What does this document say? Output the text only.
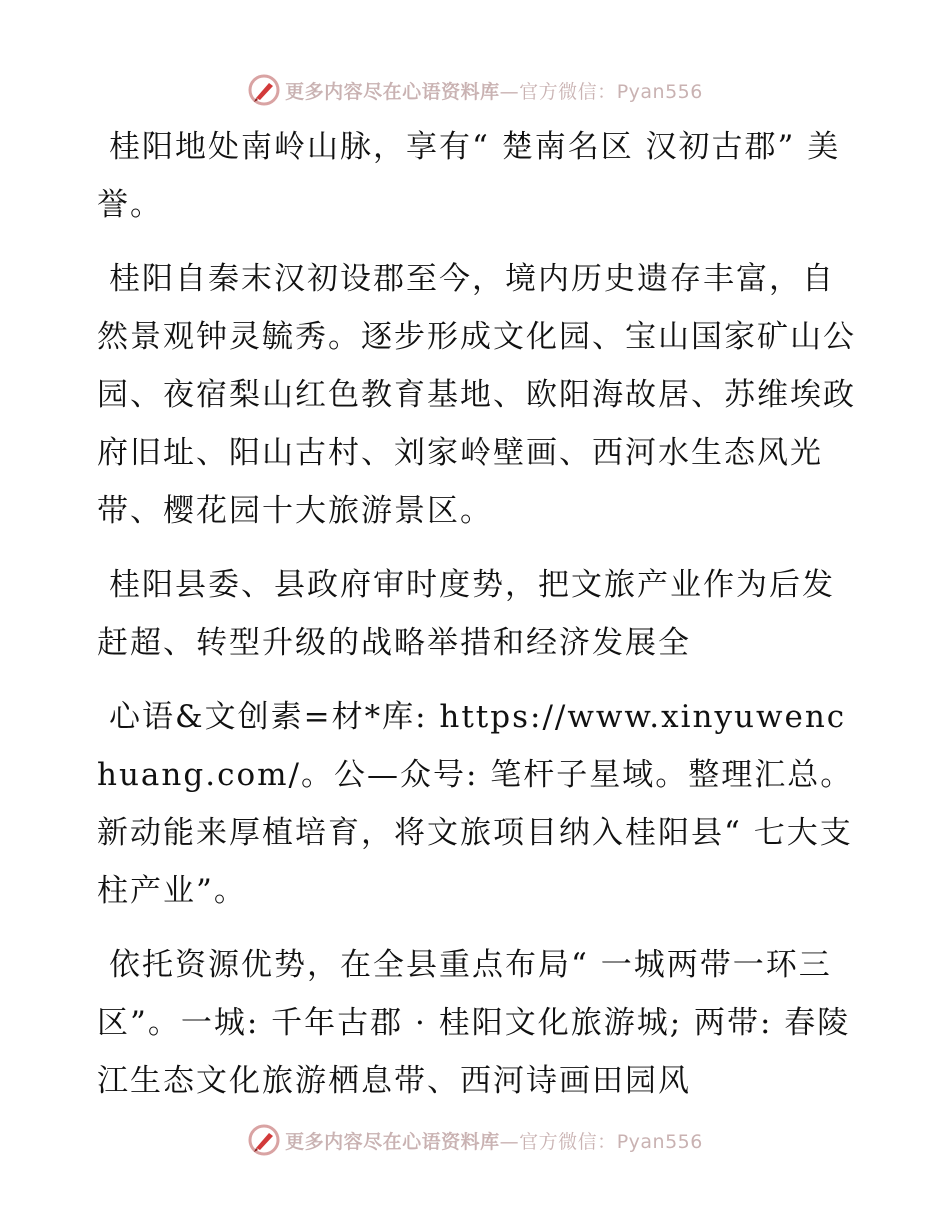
更多内容尽在心语资料库—官方微信：Pyan556

桂阳地处南岭山脉，享有“ 楚南名区 汉初古郡” 美誉。

桂阳自秦末汉初设郡至今，境内历史遗存丰富，自然景观钟灵毓秀。逐步形成文化园、宝山国家矿山公园、夜宿梨山红色教育基地、欧阳海故居、苏维埃政府旧址、阳山古村、刘家岭壁画、西河水生态风光带、樱花园十大旅游景区。

桂阳县委、县政府审时度势，把文旅产业作为后发赶超、转型升级的战略举措和经济发展全

心语&文创素=材*库: https://www.xinyuwenchuang.com/。公—众号: 笔杆子星域。整理汇总。新动能来厚植培育，将文旅项目纳入桂阳县“ 七大支柱产业”。

依托资源优势，在全县重点布局“ 一城两带一环三区”。一城: 千年古郡 · 桂阳文化旅游城; 两带: 春陵江生态文化旅游栖息带、西河诗画田园风

更多内容尽在心语资料库—官方微信：Pyan556
